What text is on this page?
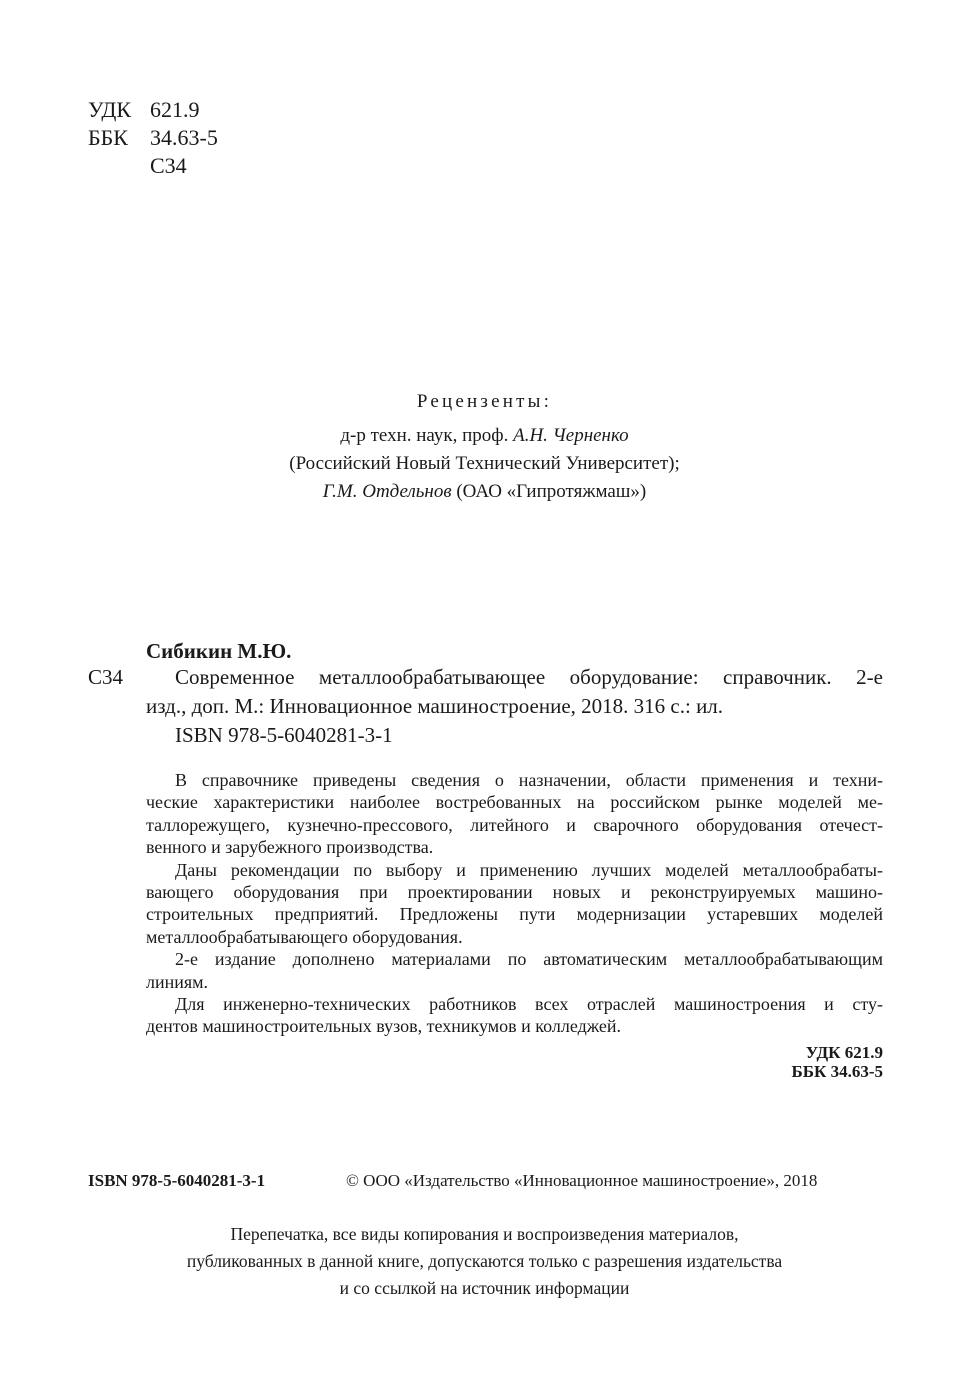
УДК 621.9
ББК 34.63-5
С34
Рецензенты:
д-р техн. наук, проф. А.Н. Черненко
(Российский Новый Технический Университет);
Г.М. Отдельнов (ОАО «Гипротяжмаш»)
Сибикин М.Ю.
С34 Современное металлообрабатывающее оборудование: справочник. 2-е
изд., доп. М.: Инновационное машиностроение, 2018. 316 с.: ил.
ISBN 978-5-6040281-3-1
В справочнике приведены сведения о назначении, области применения и техни-
ческие характеристики наиболее востребованных на российском рынке моделей ме-
таллорежущего, кузнечно-прессового, литейного и сварочного оборудования отечест-
венного и зарубежного производства.
Даны рекомендации по выбору и применению лучших моделей металлообрабаты-
вающего оборудования при проектировании новых и реконструируемых машино-
строительных предприятий. Предложены пути модернизации устаревших моделей
металлообрабатывающего оборудования.
2-е издание дополнено материалами по автоматическим металлообрабатывающим
линиям.
Для инженерно-технических работников всех отраслей машиностроения и сту-
дентов машиностроительных вузов, техникумов и колледжей.
УДК 621.9
ББК 34.63-5
ISBN 978-5-6040281-3-1	© ООО «Издательство «Инновационное машиностроение», 2018
Перепечатка, все виды копирования и воспроизведения материалов,
публикованных в данной книге, допускаются только с разрешения издательства
и со ссылкой на источник информации
